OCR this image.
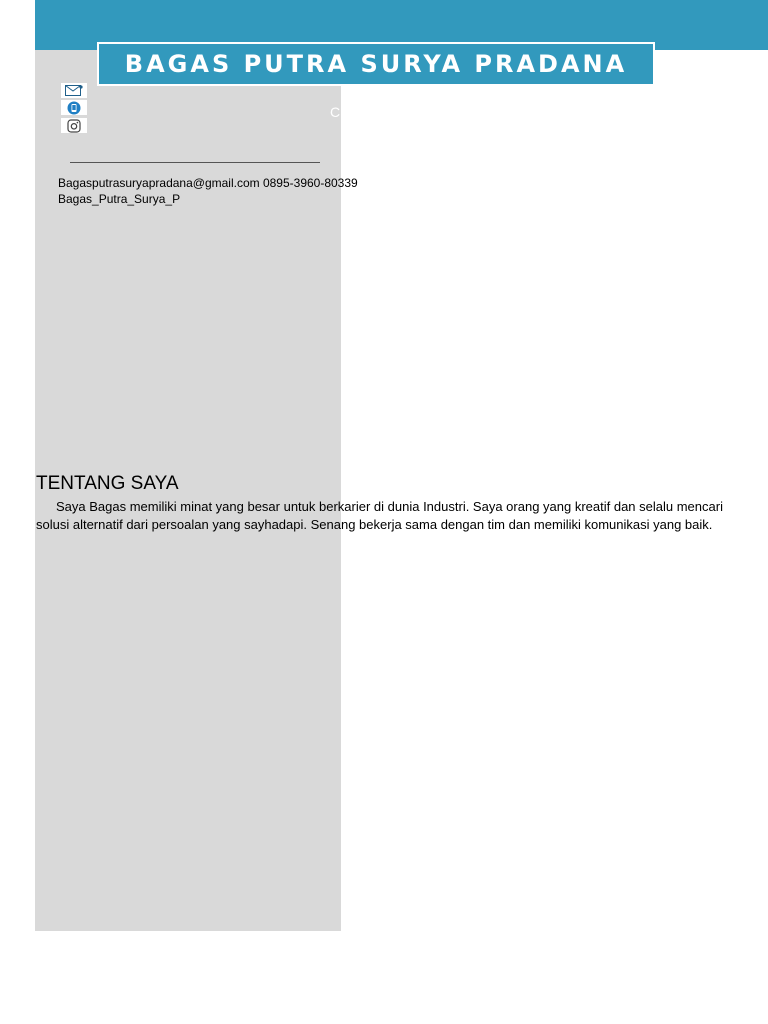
BAGAS PUTRA SURYA PRADANA
CURICULUM VITAE
Bagasputrasuryapradana@gmail.com 0895-3960-80339
Bagas_Putra_Surya_P
TENTANG SAYA
Saya Bagas memiliki minat yang besar untuk berkarier di dunia Industri. Saya orang yang kreatif dan selalu mencari solusi alternatif dari persoalan yang sayhadapi. Senang bekerja sama dengan tim dan memiliki komunikasi yang baik.
